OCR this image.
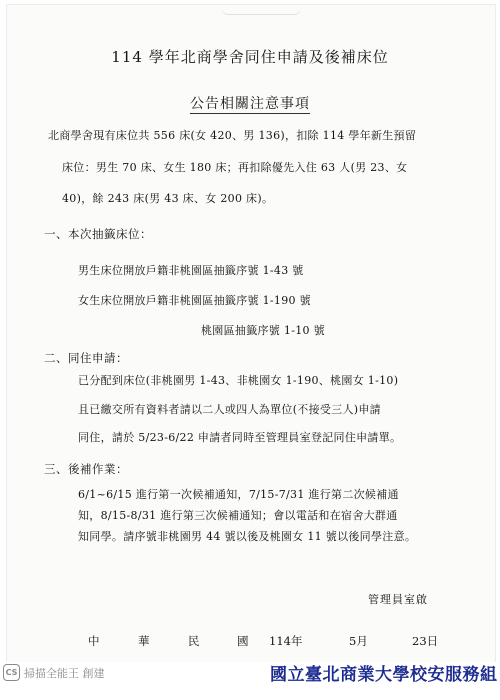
114 學年北商學舍同住申請及後補床位
公告相關注意事項
北商學舍現有床位共 556 床(女 420、男 136)，扣除 114 學年新生預留
床位：男生 70 床、女生 180 床；再扣除優先入住 63 人(男 23、女
40)，餘 243 床(男 43 床、女 200 床)。
一、本次抽籤床位：
男生床位開放戶籍非桃園區抽籤序號 1-43 號
女生床位開放戶籍非桃園區抽籤序號 1-190 號
桃園區抽籤序號 1-10 號
二、同住申請：
已分配到床位(非桃園男 1-43、非桃園女 1-190、桃園女 1-10)
且已繳交所有資料者請以二人或四人為單位(不接受三人)申請
同住，請於 5/23-6/22 申請者同時至管理員室登記同住申請單。
三、後補作業：
6/1~6/15 進行第一次候補通知，7/15-7/31 進行第二次候補通
知，8/15-8/31 進行第三次候補通知；會以電話和在宿舍大群通
知同學。請序號非桃園男 44 號以後及桃園女 11 號以後同學注意。
管理員室啟
中	華	民	國 114年	5月	23日
CS 掃描全能王 創建	國立臺北商業大學校安服務組
